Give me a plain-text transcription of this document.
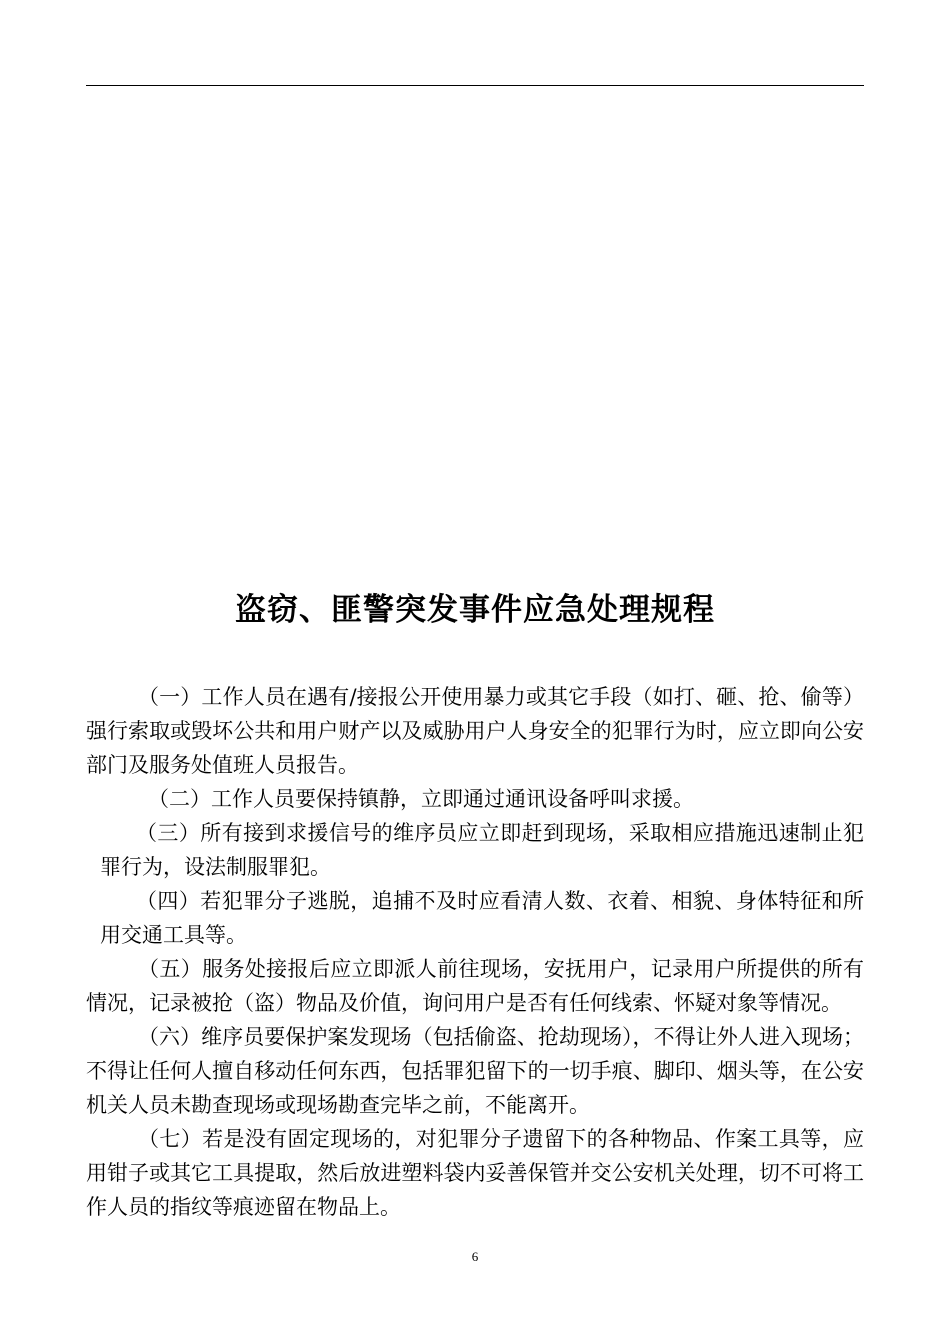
盗窃、匪警突发事件应急处理规程

（一）工作人员在遇有/接报公开使用暴力或其它手段（如打、砸、抢、偷等）强行索取或毁坏公共和用户财产以及威胁用户人身安全的犯罪行为时，应立即向公安部门及服务处值班人员报告。

（二）工作人员要保持镇静，立即通过通讯设备呼叫求援。

（三）所有接到求援信号的维序员应立即赶到现场，采取相应措施迅速制止犯罪行为，设法制服罪犯。

（四）若犯罪分子逃脱，追捕不及时应看清人数、衣着、相貌、身体特征和所用交通工具等。

（五）服务处接报后应立即派人前往现场，安抚用户，记录用户所提供的所有情况，记录被抢（盗）物品及价值，询问用户是否有任何线索、怀疑对象等情况。

（六）维序员要保护案发现场（包括偷盗、抢劫现场），不得让外人进入现场；不得让任何人擅自移动任何东西，包括罪犯留下的一切手痕、脚印、烟头等，在公安机关人员未勘查现场或现场勘查完毕之前，不能离开。

（七）若是没有固定现场的，对犯罪分子遗留下的各种物品、作案工具等，应用钳子或其它工具提取，然后放进塑料袋内妥善保管并交公安机关处理，切不可将工作人员的指纹等痕迹留在物品上。

6
